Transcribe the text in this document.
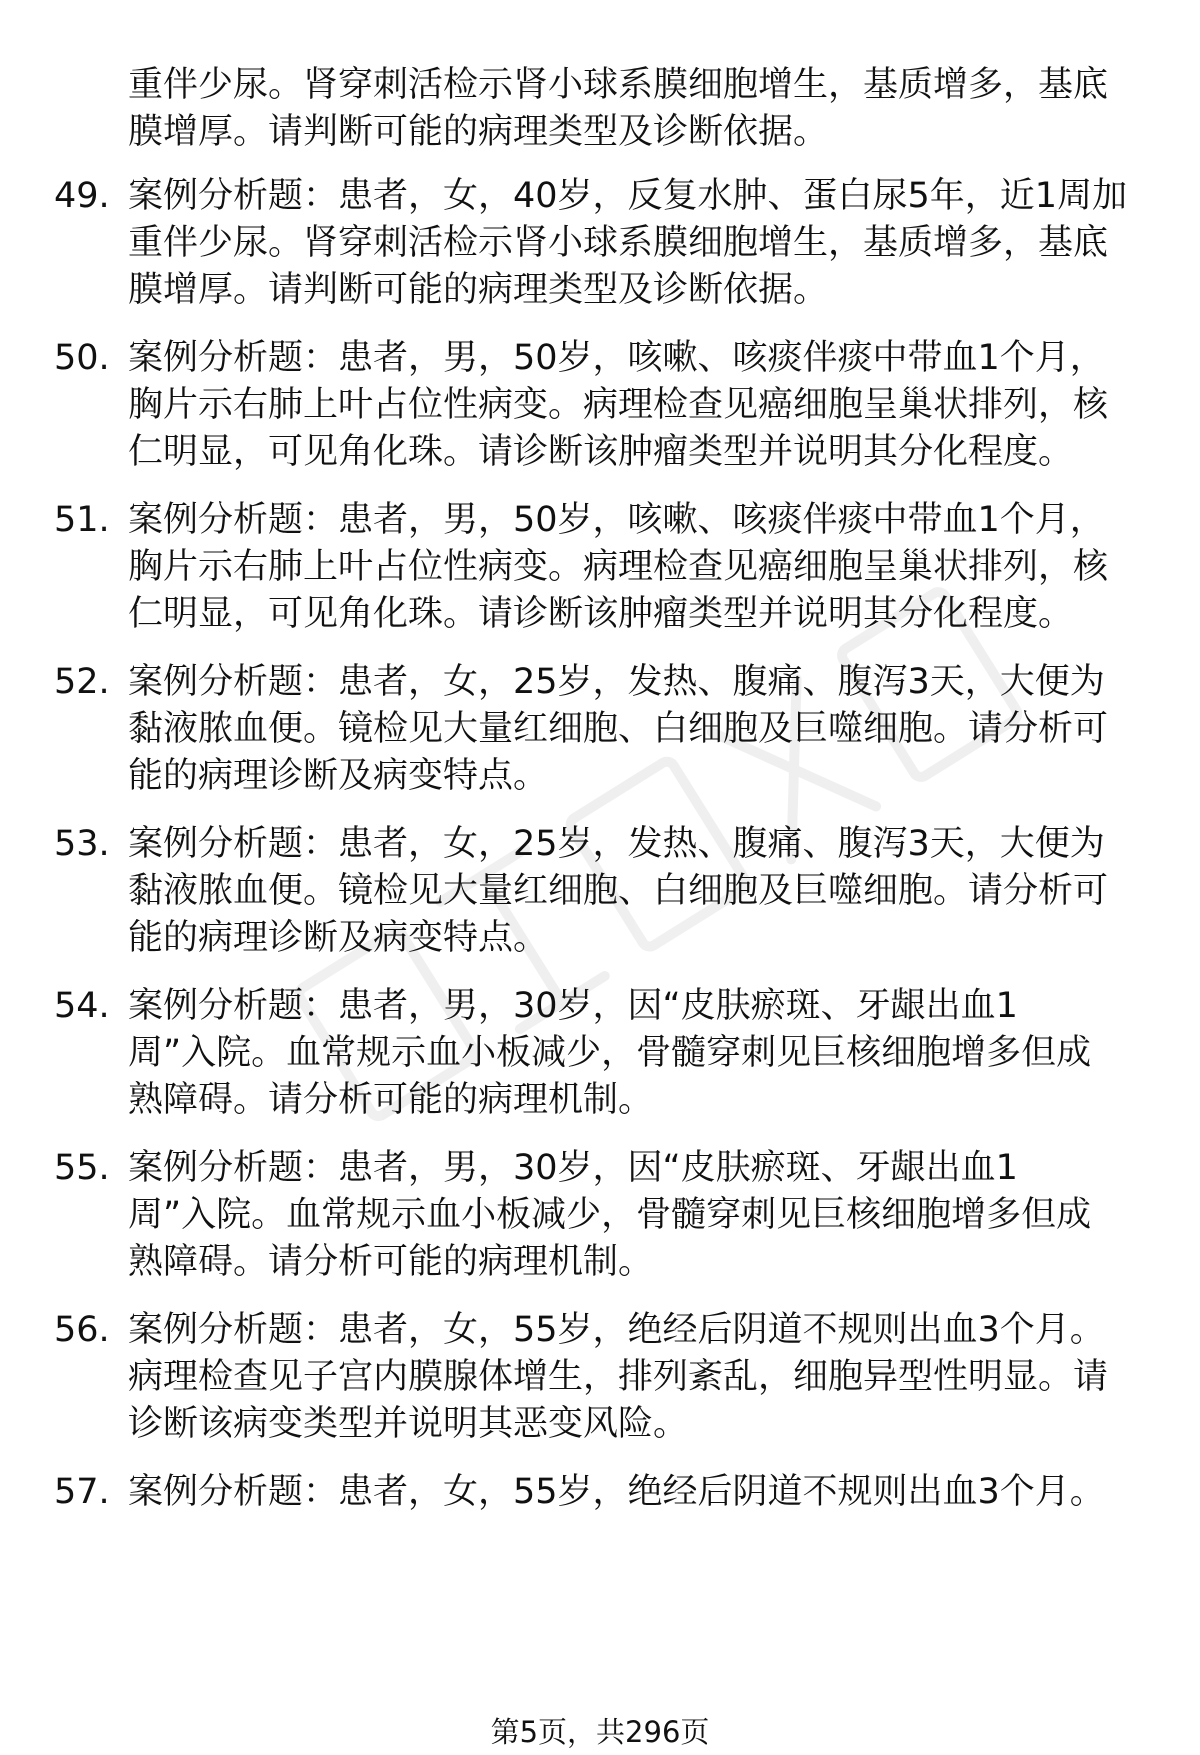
重伴少尿。肾穿刺活检示肾小球系膜细胞增生，基质增多，基底
膜增厚。请判断可能的病理类型及诊断依据。
49. 案例分析题：患者，女，40岁，反复水肿、蛋白尿5年，近1周加
重伴少尿。肾穿刺活检示肾小球系膜细胞增生，基质增多，基底
膜增厚。请判断可能的病理类型及诊断依据。
50. 案例分析题：患者，男，50岁，咳嗽、咳痰伴痰中带血1个月，
胸片示右肺上叶占位性病变。病理检查见癌细胞呈巢状排列，核
仁明显，可见角化珠。请诊断该肿瘤类型并说明其分化程度。
51. 案例分析题：患者，男，50岁，咳嗽、咳痰伴痰中带血1个月，
胸片示右肺上叶占位性病变。病理检查见癌细胞呈巢状排列，核
仁明显，可见角化珠。请诊断该肿瘤类型并说明其分化程度。
52. 案例分析题：患者，女，25岁，发热、腹痛、腹泻3天，大便为
黏液脓血便。镜检见大量红细胞、白细胞及巨噬细胞。请分析可
能的病理诊断及病变特点。
53. 案例分析题：患者，女，25岁，发热、腹痛、腹泻3天，大便为
黏液脓血便。镜检见大量红细胞、白细胞及巨噬细胞。请分析可
能的病理诊断及病变特点。
54. 案例分析题：患者，男，30岁，因“皮肤瘀斑、牙龈出血1
周”入院。血常规示血小板减少，骨髓穿刺见巨核细胞增多但成
熟障碍。请分析可能的病理机制。
55. 案例分析题：患者，男，30岁，因“皮肤瘀斑、牙龈出血1
周”入院。血常规示血小板减少，骨髓穿刺见巨核细胞增多但成
熟障碍。请分析可能的病理机制。
56. 案例分析题：患者，女，55岁，绝经后阴道不规则出血3个月。
病理检查见子宫内膜腺体增生，排列紊乱，细胞异型性明显。请
诊断该病变类型并说明其恶变风险。
57. 案例分析题：患者，女，55岁，绝经后阴道不规则出血3个月。
第5页，共296页
